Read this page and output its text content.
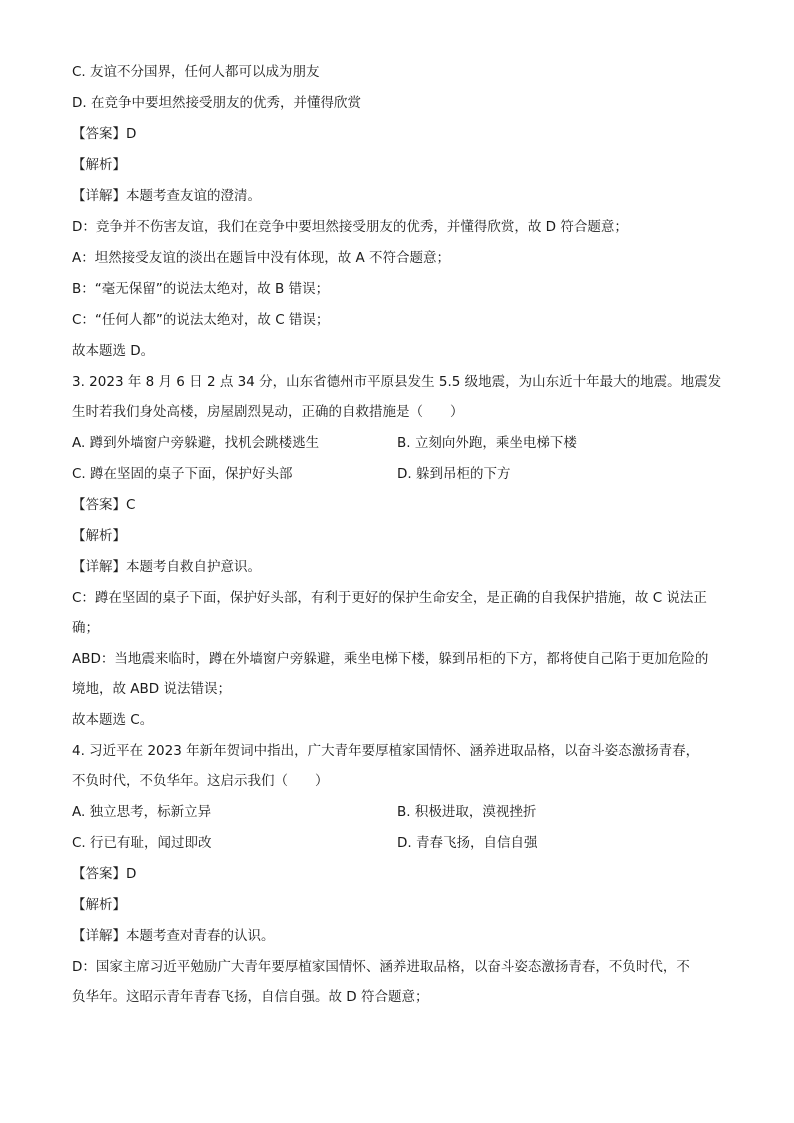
C. 友谊不分国界，任何人都可以成为朋友

D. 在竞争中要坦然接受朋友的优秀，并懂得欣赏

【答案】D

【解析】

【详解】本题考查友谊的澄清。

D：竞争并不伤害友谊，我们在竞争中要坦然接受朋友的优秀，并懂得欣赏，故 D 符合题意；

A：坦然接受友谊的淡出在题旨中没有体现，故 A 不符合题意；

B：“毫无保留”的说法太绝对，故 B 错误；

C：“任何人都”的说法太绝对，故 C 错误；

故本题选 D。

3. 2023 年 8 月 6 日 2 点 34 分，山东省德州市平原县发生 5.5 级地震，为山东近十年最大的地震。地震发

生时若我们身处高楼，房屋剧烈晃动，正确的自救措施是（　　）

A. 蹲到外墙窗户旁躲避，找机会跳楼逃生	B. 立刻向外跑，乘坐电梯下楼
C. 蹲在坚固的桌子下面，保护好头部	D. 躲到吊柜的下方

【答案】C

【解析】

【详解】本题考自救自护意识。

C：蹲在坚固的桌子下面，保护好头部，有利于更好的保护生命安全，是正确的自我保护措施，故 C 说法正

确；

ABD：当地震来临时，蹲在外墙窗户旁躲避，乘坐电梯下楼，躲到吊柜的下方，都将使自己陷于更加危险的

境地，故 ABD 说法错误；

故本题选 C。

4. 习近平在 2023 年新年贺词中指出，广大青年要厚植家国情怀、涵养进取品格，以奋斗姿态激扬青春，

不负时代，不负华年。这启示我们（　　）

A. 独立思考，标新立异	B. 积极进取，漠视挫折
C. 行已有耻，闻过即改	D. 青春飞扬，自信自强

【答案】D

【解析】

【详解】本题考查对青春的认识。

D：国家主席习近平勉励广大青年要厚植家国情怀、涵养进取品格，以奋斗姿态激扬青春，不负时代，不

负华年。这昭示青年青春飞扬，自信自强。故 D 符合题意；
